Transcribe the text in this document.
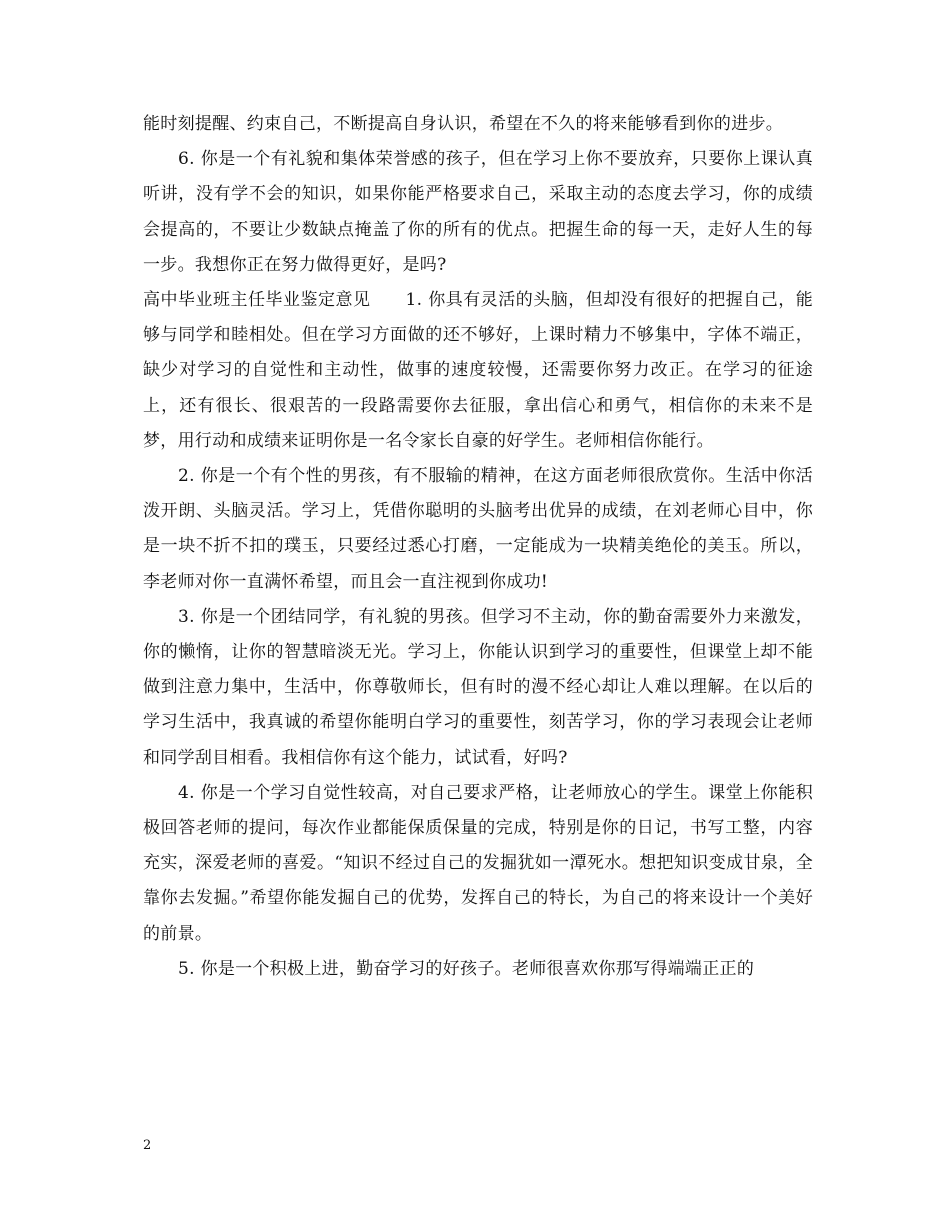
能时刻提醒、约束自己，不断提高自身认识，希望在不久的将来能够看到你的进步。

6. 你是一个有礼貌和集体荣誉感的孩子，但在学习上你不要放弃，只要你上课认真听讲，没有学不会的知识，如果你能严格要求自己，采取主动的态度去学习，你的成绩会提高的，不要让少数缺点掩盖了你的所有的优点。把握生命的每一天，走好人生的每一步。我想你正在努力做得更好，是吗?

高中毕业班主任毕业鉴定意见　　1. 你具有灵活的头脑，但却没有很好的把握自己，能够与同学和睦相处。但在学习方面做的还不够好，上课时精力不够集中，字体不端正，缺少对学习的自觉性和主动性，做事的速度较慢，还需要你努力改正。在学习的征途上，还有很长、很艰苦的一段路需要你去征服，拿出信心和勇气，相信你的未来不是梦，用行动和成绩来证明你是一名令家长自豪的好学生。老师相信你能行。

2. 你是一个有个性的男孩，有不服输的精神，在这方面老师很欣赏你。生活中你活泼开朗、头脑灵活。学习上，凭借你聪明的头脑考出优异的成绩，在刘老师心目中，你是一块不折不扣的璞玉，只要经过悉心打磨，一定能成为一块精美绝伦的美玉。所以，李老师对你一直满怀希望，而且会一直注视到你成功!

3. 你是一个团结同学，有礼貌的男孩。但学习不主动，你的勤奋需要外力来激发，你的懒惰，让你的智慧暗淡无光。学习上，你能认识到学习的重要性，但课堂上却不能做到注意力集中，生活中，你尊敬师长，但有时的漫不经心却让人难以理解。在以后的学习生活中，我真诚的希望你能明白学习的重要性，刻苦学习，你的学习表现会让老师和同学刮目相看。我相信你有这个能力，试试看，好吗?

4. 你是一个学习自觉性较高，对自己要求严格，让老师放心的学生。课堂上你能积极回答老师的提问，每次作业都能保质保量的完成，特别是你的日记，书写工整，内容充实，深爱老师的喜爱。“知识不经过自己的发掘犹如一潭死水。想把知识变成甘泉，全靠你去发掘。”希望你能发掘自己的优势，发挥自己的特长，为自己的将来设计一个美好的前景。

5. 你是一个积极上进，勤奋学习的好孩子。老师很喜欢你那写得端端正正的

2
